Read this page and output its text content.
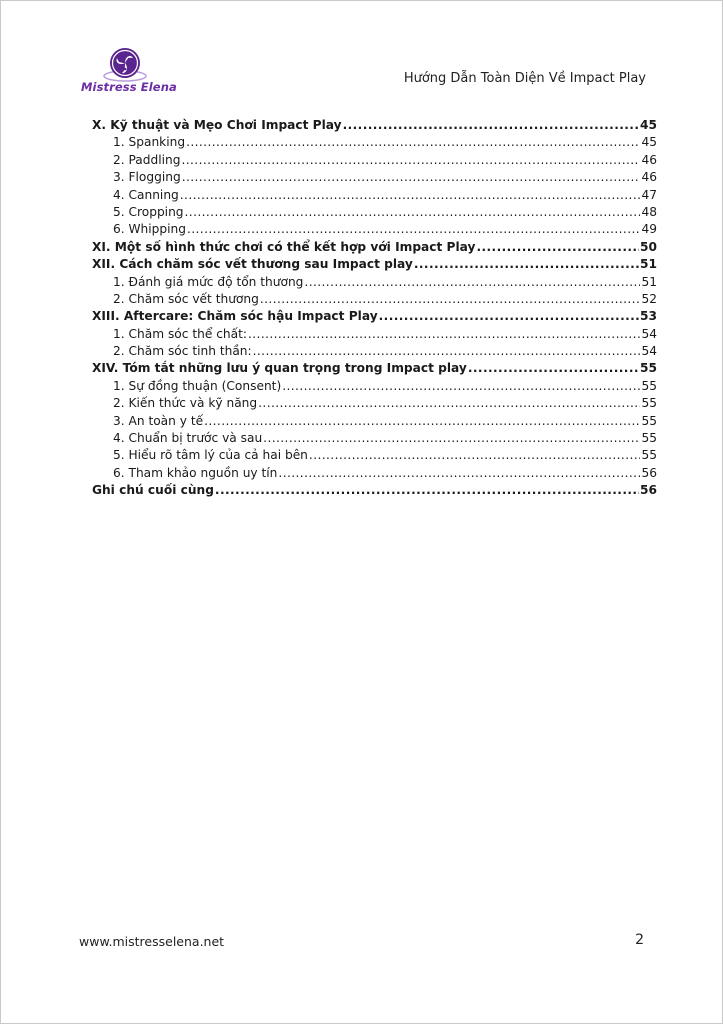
Mistress Elena
Hướng Dẫn Toàn Diện Về Impact Play
X. Kỹ thuật và Mẹo Chơi Impact Play .....	45
1. Spanking .....	45
2. Paddling .....	46
3. Flogging .....	46
4. Canning .....	47
5. Cropping .....	48
6. Whipping .....	49
XI. Một số hình thức chơi có thể kết hợp với Impact Play .....	50
XII. Cách chăm sóc vết thương sau Impact play .....	51
1. Đánh giá mức độ tổn thương .....	51
2. Chăm sóc vết thương .....	52
XIII. Aftercare: Chăm sóc hậu Impact Play .....	53
1. Chăm sóc thể chất: .....	54
2. Chăm sóc tinh thần: .....	54
XIV. Tóm tắt những lưu ý quan trọng trong Impact play .....	55
1. Sự đồng thuận (Consent) .....	55
2. Kiến thức và kỹ năng .....	55
3. An toàn y tế .....	55
4. Chuẩn bị trước và sau .....	55
5. Hiểu rõ tâm lý của cả hai bên .....	55
6. Tham khảo nguồn uy tín .....	56
Ghi chú cuối cùng .....	56
www.mistresselena.net	2
